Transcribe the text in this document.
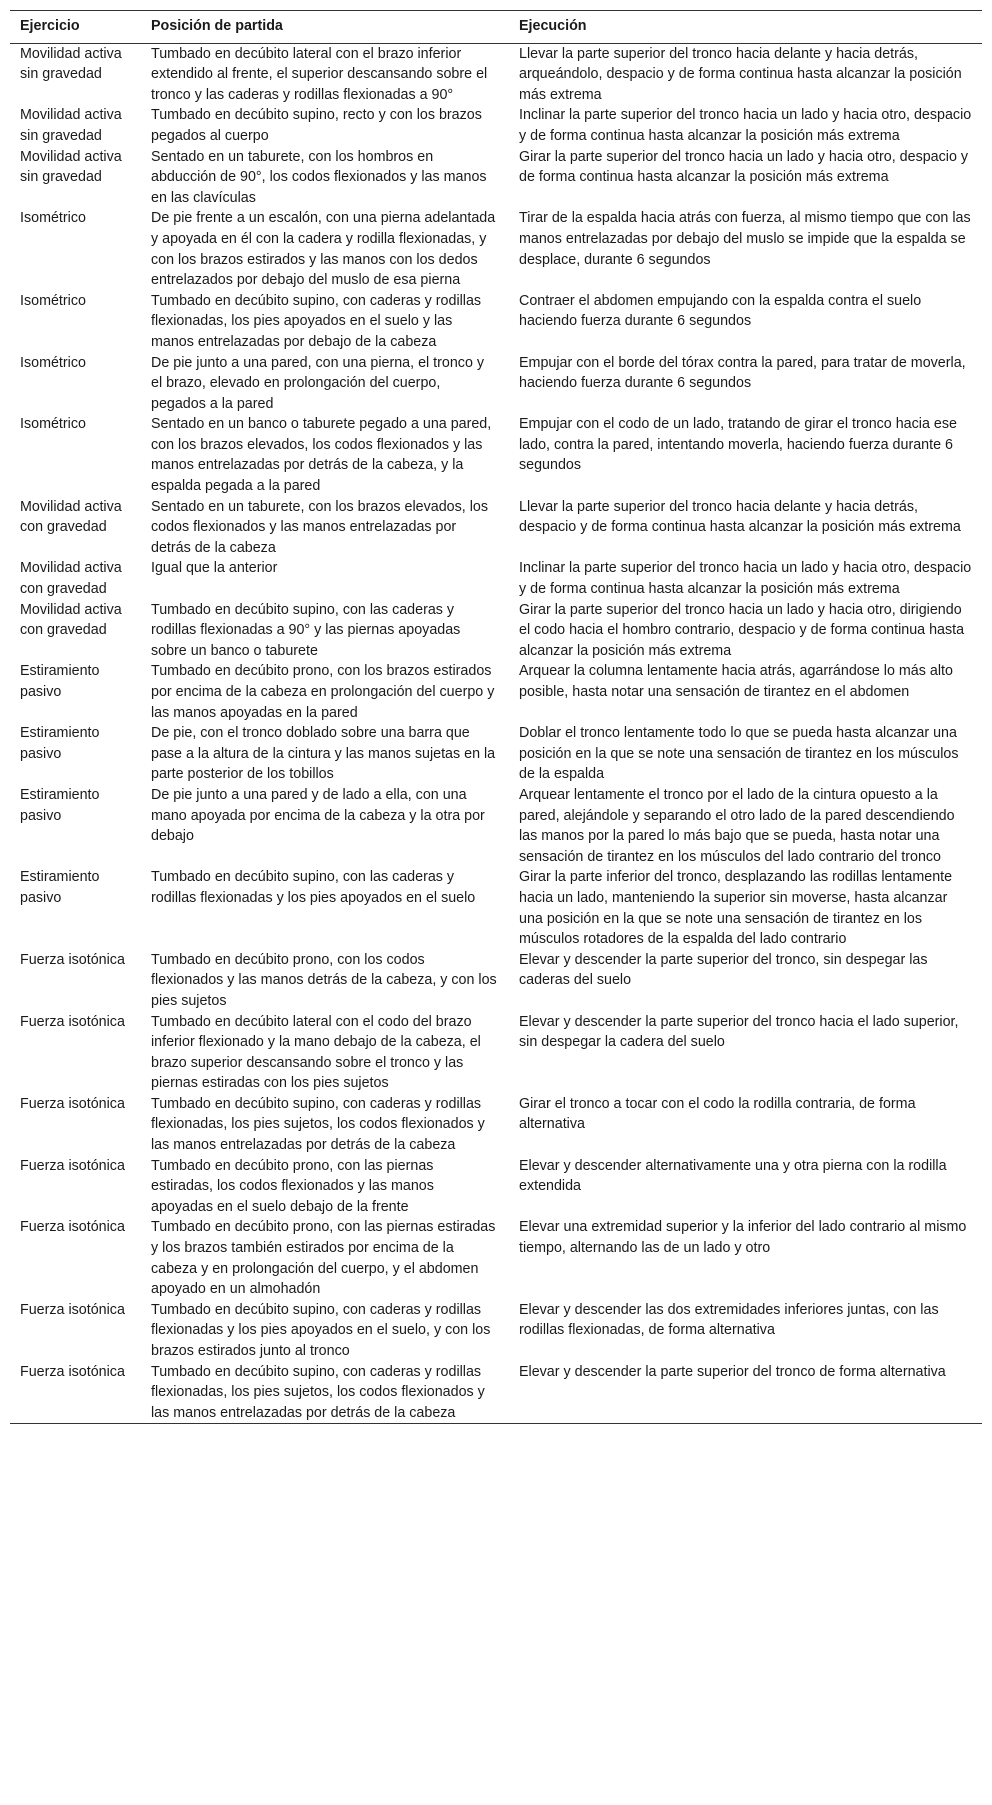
Ejercicio	Posición de partida	Ejecución
Movilidad activa sin gravedad	Tumbado en decúbito lateral con el brazo inferior extendido al frente, el superior descansando sobre el tronco y las caderas y rodillas flexionadas a 90°	Llevar la parte superior del tronco hacia delante y hacia detrás, arqueándolo, despacio y de forma continua hasta alcanzar la posición más extrema
Movilidad activa sin gravedad	Tumbado en decúbito supino, recto y con los brazos pegados al cuerpo	Inclinar la parte superior del tronco hacia un lado y hacia otro, despacio y de forma continua hasta alcanzar la posición más extrema
Movilidad activa sin gravedad	Sentado en un taburete, con los hombros en abducción de 90°, los codos flexionados y las manos en las clavículas	Girar la parte superior del tronco hacia un lado y hacia otro, despacio y de forma continua hasta alcanzar la posición más extrema
Isométrico	De pie frente a un escalón, con una pierna adelantada y apoyada en él con la cadera y rodilla flexionadas, y con los brazos estirados y las manos con los dedos entrelazados por debajo del muslo de esa pierna	Tirar de la espalda hacia atrás con fuerza, al mismo tiempo que con las manos entrelazadas por debajo del muslo se impide que la espalda se desplace, durante 6 segundos
Isométrico	Tumbado en decúbito supino, con caderas y rodillas flexionadas, los pies apoyados en el suelo y las manos entrelazadas por debajo de la cabeza	Contraer el abdomen empujando con la espalda contra el suelo haciendo fuerza durante 6 segundos
Isométrico	De pie junto a una pared, con una pierna, el tronco y el brazo, elevado en prolongación del cuerpo, pegados a la pared	Empujar con el borde del tórax contra la pared, para tratar de moverla, haciendo fuerza durante 6 segundos
Isométrico	Sentado en un banco o taburete pegado a una pared, con los brazos elevados, los codos flexionados y las manos entrelazadas por detrás de la cabeza, y la espalda pegada a la pared	Empujar con el codo de un lado, tratando de girar el tronco hacia ese lado, contra la pared, intentando moverla, haciendo fuerza durante 6 segundos
Movilidad activa con gravedad	Sentado en un taburete, con los brazos elevados, los codos flexionados y las manos entrelazadas por detrás de la cabeza	Llevar la parte superior del tronco hacia delante y hacia detrás, despacio y de forma continua hasta alcanzar la posición más extrema
Movilidad activa con gravedad	Igual que la anterior	Inclinar la parte superior del tronco hacia un lado y hacia otro, despacio y de forma continua hasta alcanzar la posición más extrema
Movilidad activa con gravedad	Tumbado en decúbito supino, con las caderas y rodillas flexionadas a 90° y las piernas apoyadas sobre un banco o taburete	Girar la parte superior del tronco hacia un lado y hacia otro, dirigiendo el codo hacia el hombro contrario, despacio y de forma continua hasta alcanzar la posición más extrema
Estiramiento pasivo	Tumbado en decúbito prono, con los brazos estirados por encima de la cabeza en prolongación del cuerpo y las manos apoyadas en la pared	Arquear la columna lentamente hacia atrás, agarrándose lo más alto posible, hasta notar una sensación de tirantez en el abdomen
Estiramiento pasivo	De pie, con el tronco doblado sobre una barra que pase a la altura de la cintura y las manos sujetas en la parte posterior de los tobillos	Doblar el tronco lentamente todo lo que se pueda hasta alcanzar una posición en la que se note una sensación de tirantez en los músculos de la espalda
Estiramiento pasivo	De pie junto a una pared y de lado a ella, con una mano apoyada por encima de la cabeza y la otra por debajo	Arquear lentamente el tronco por el lado de la cintura opuesto a la pared, alejándole y separando el otro lado de la pared descendiendo las manos por la pared lo más bajo que se pueda, hasta notar una sensación de tirantez en los músculos del lado contrario del tronco
Estiramiento pasivo	Tumbado en decúbito supino, con las caderas y rodillas flexionadas y los pies apoyados en el suelo	Girar la parte inferior del tronco, desplazando las rodillas lentamente hacia un lado, manteniendo la superior sin moverse, hasta alcanzar una posición en la que se note una sensación de tirantez en los músculos rotadores de la espalda del lado contrario
Fuerza isotónica	Tumbado en decúbito prono, con los codos flexionados y las manos detrás de la cabeza, y con los pies sujetos	Elevar y descender la parte superior del tronco, sin despegar las caderas del suelo
Fuerza isotónica	Tumbado en decúbito lateral con el codo del brazo inferior flexionado y la mano debajo de la cabeza, el brazo superior descansando sobre el tronco y las piernas estiradas con los pies sujetos	Elevar y descender la parte superior del tronco hacia el lado superior, sin despegar la cadera del suelo
Fuerza isotónica	Tumbado en decúbito supino, con caderas y rodillas flexionadas, los pies sujetos, los codos flexionados y las manos entrelazadas por detrás de la cabeza	Girar el tronco a tocar con el codo la rodilla contraria, de forma alternativa
Fuerza isotónica	Tumbado en decúbito prono, con las piernas estiradas, los codos flexionados y las manos apoyadas en el suelo debajo de la frente	Elevar y descender alternativamente una y otra pierna con la rodilla extendida
Fuerza isotónica	Tumbado en decúbito prono, con las piernas estiradas y los brazos también estirados por encima de la cabeza y en prolongación del cuerpo, y el abdomen apoyado en un almohadón	Elevar una extremidad superior y la inferior del lado contrario al mismo tiempo, alternando las de un lado y otro
Fuerza isotónica	Tumbado en decúbito supino, con caderas y rodillas flexionadas y los pies apoyados en el suelo, y con los brazos estirados junto al tronco	Elevar y descender las dos extremidades inferiores juntas, con las rodillas flexionadas, de forma alternativa
Fuerza isotónica	Tumbado en decúbito supino, con caderas y rodillas flexionadas, los pies sujetos, los codos flexionados y las manos entrelazadas por detrás de la cabeza	Elevar y descender la parte superior del tronco de forma alternativa
